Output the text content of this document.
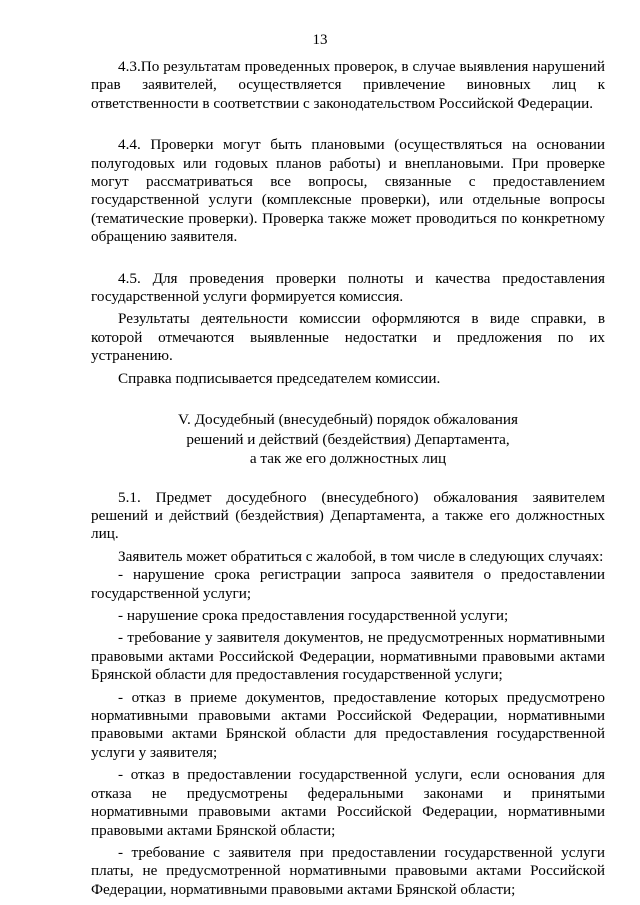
13

4.3.По результатам проведенных проверок, в случае выявления нарушений прав заявителей, осуществляется привлечение виновных лиц к ответственности в соответствии с законодательством Российской Федерации.

4.4. Проверки могут быть плановыми (осуществляться на основании полугодовых или годовых планов работы) и внеплановыми. При проверке могут рассматриваться все вопросы, связанные с предоставлением государственной услуги (комплексные проверки), или отдельные вопросы (тематические проверки). Проверка также может проводиться по конкретному обращению заявителя.

4.5. Для проведения проверки полноты и качества предоставления государственной услуги формируется комиссия.

Результаты деятельности комиссии оформляются в виде справки, в которой отмечаются выявленные недостатки и предложения по их устранению.

Справка подписывается председателем комиссии.

V. Досудебный (внесудебный) порядок обжалования
решений и действий (бездействия) Департамента,
а так же его должностных лиц

5.1. Предмет досудебного (внесудебного) обжалования заявителем решений и действий (бездействия) Департамента, а также его должностных лиц.

Заявитель может обратиться с жалобой, в том числе в следующих случаях:

- нарушение срока регистрации запроса заявителя о предоставлении государственной услуги;

- нарушение срока предоставления государственной услуги;

- требование у заявителя документов, не предусмотренных нормативными правовыми актами Российской Федерации, нормативными правовыми актами Брянской области для предоставления государственной услуги;

- отказ в приеме документов, предоставление которых предусмотрено нормативными правовыми актами Российской Федерации, нормативными правовыми актами Брянской области для предоставления государственной услуги у заявителя;

- отказ в предоставлении государственной услуги, если основания для отказа не предусмотрены федеральными законами и принятыми нормативными правовыми актами Российской Федерации, нормативными правовыми актами Брянской области;

- требование с заявителя при предоставлении государственной услуги платы, не предусмотренной нормативными правовыми актами Российской Федерации, нормативными правовыми актами Брянской области;
